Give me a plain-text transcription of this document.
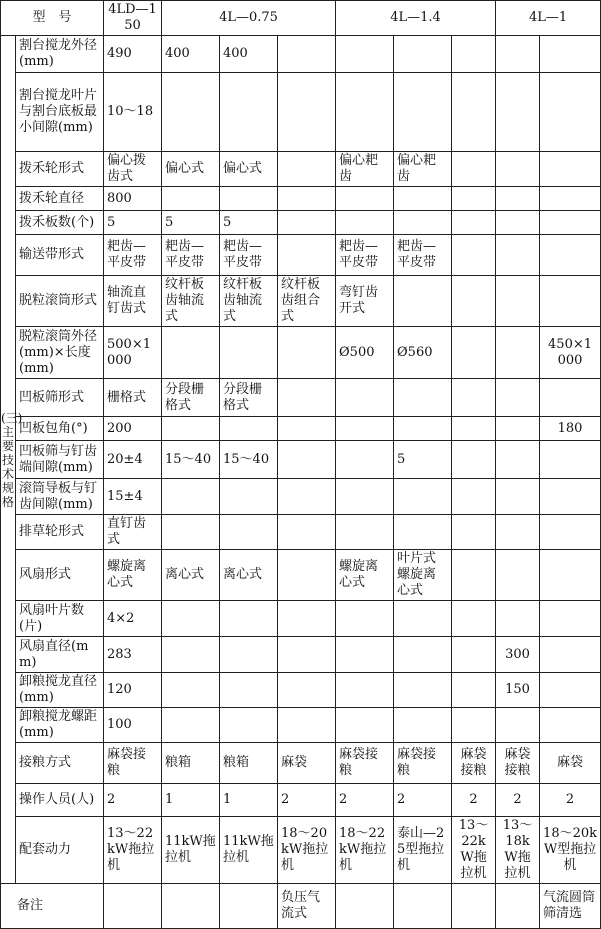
型　号		4LD—150	4L—0.75			4L—1.4			4L—1	
(三)主要技术规格	割台搅龙外径(mm)	490	400	400						
	割台搅龙叶片与割台底板最小间隙(mm)	10～18								
	拨禾轮形式	偏心拨齿式	偏心式	偏心式		偏心耙齿	偏心耙齿			
	拨禾轮直径	800								
	拨禾板数(个)	5	5	5						
	输送带形式	耙齿—平皮带	耙齿—平皮带	耙齿—平皮带		耙齿—平皮带	耙齿—平皮带			
	脱粒滚筒形式	轴流直钉齿式	纹杆板齿轴流式	纹杆板齿轴流式	纹杆板齿组合式	弯钉齿开式				
	脱粒滚筒外径(mm)×长度(mm)	500×1 000				Ø500	Ø560			450×1 000
	凹板筛形式	栅格式	分段栅格式	分段栅格式						
	凹板包角(°)	200								180
	凹板筛与钉齿端间隙(mm)	20±4	15～40	15～40			5			
	滚筒导板与钉齿间隙(mm)	15±4								
	排草轮形式	直钉齿式								
	风扇形式	螺旋离心式	离心式	离心式		螺旋离心式	叶片式螺旋离心式			
	风扇叶片数(片)	4×2								
	风扇直径(mm)	283							300	
	卸粮搅龙直径(mm)	120							150	
	卸粮搅龙螺距(mm)	100								
	接粮方式	麻袋接粮	粮箱	粮箱	麻袋	麻袋接粮	麻袋接粮	麻袋接粮	麻袋接粮	麻袋
	操作人员(人)	2	1	1	2	2	2	2	2	2
	配套动力	13～22kW拖拉机	11kW拖拉机	11kW拖拉机	18～20kW拖拉机	18～22kW拖拉机	泰山—25型拖拉机	13～22kW拖拉机	13～18kW拖拉机	18～20kW型拖拉机
备注					负压气流式					气流圆筒筛清选
